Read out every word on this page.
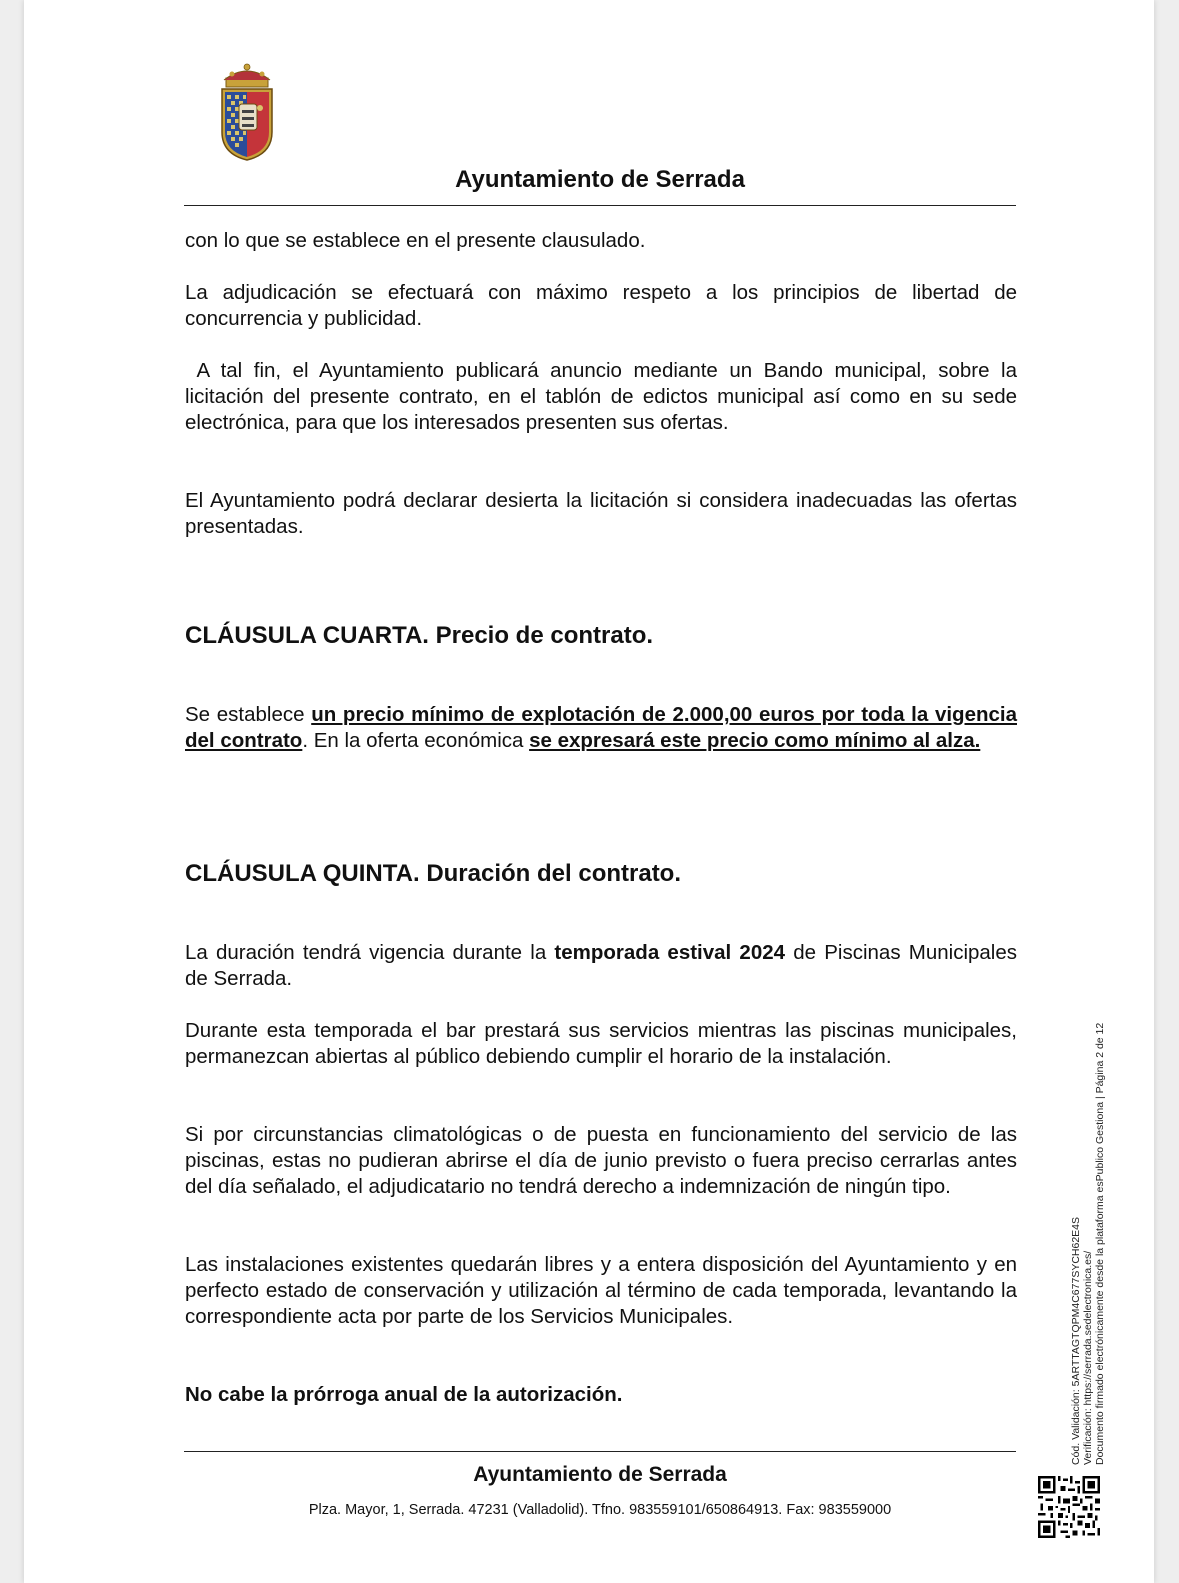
Ayuntamiento de Serrada

con lo que se establece en el presente clausulado.

La adjudicación se efectuará con máximo respeto a los principios de libertad de concurrencia y publicidad.

A tal fin, el Ayuntamiento publicará anuncio mediante un Bando municipal, sobre la licitación del presente contrato, en el tablón de edictos municipal así como en su sede electrónica, para que los interesados presenten sus ofertas.

El Ayuntamiento podrá declarar desierta la licitación si considera inadecuadas las ofertas presentadas.

CLÁUSULA CUARTA. Precio de contrato.

Se establece un precio mínimo de explotación de 2.000,00 euros por toda la vigencia del contrato. En la oferta económica se expresará este precio como mínimo al alza.

CLÁUSULA QUINTA. Duración del contrato.

La duración tendrá vigencia durante la temporada estival 2024 de Piscinas Municipales de Serrada.

Durante esta temporada el bar prestará sus servicios mientras las piscinas municipales, permanezcan abiertas al público debiendo cumplir el horario de la instalación.

Si por circunstancias climatológicas o de puesta en funcionamiento del servicio de las piscinas, estas no pudieran abrirse el día de junio previsto o fuera preciso cerrarlas antes del día señalado, el adjudicatario no tendrá derecho a indemnización de ningún tipo.

Las instalaciones existentes quedarán libres y a entera disposición del Ayuntamiento y en perfecto estado de conservación y utilización al término de cada temporada, levantando la correspondiente acta por parte de los Servicios Municipales.

No cabe la prórroga anual de la autorización.

Ayuntamiento de Serrada
Plza. Mayor, 1, Serrada. 47231 (Valladolid). Tfno. 983559101/650864913. Fax: 983559000
Cód. Validación: 5ARTTAGTQPM4C677SYCH62E4S Verificación: https://serrada.sedelectronica.es/ Documento firmado electrónicamente desde la plataforma esPublico Gestiona | Página 2 de 12
